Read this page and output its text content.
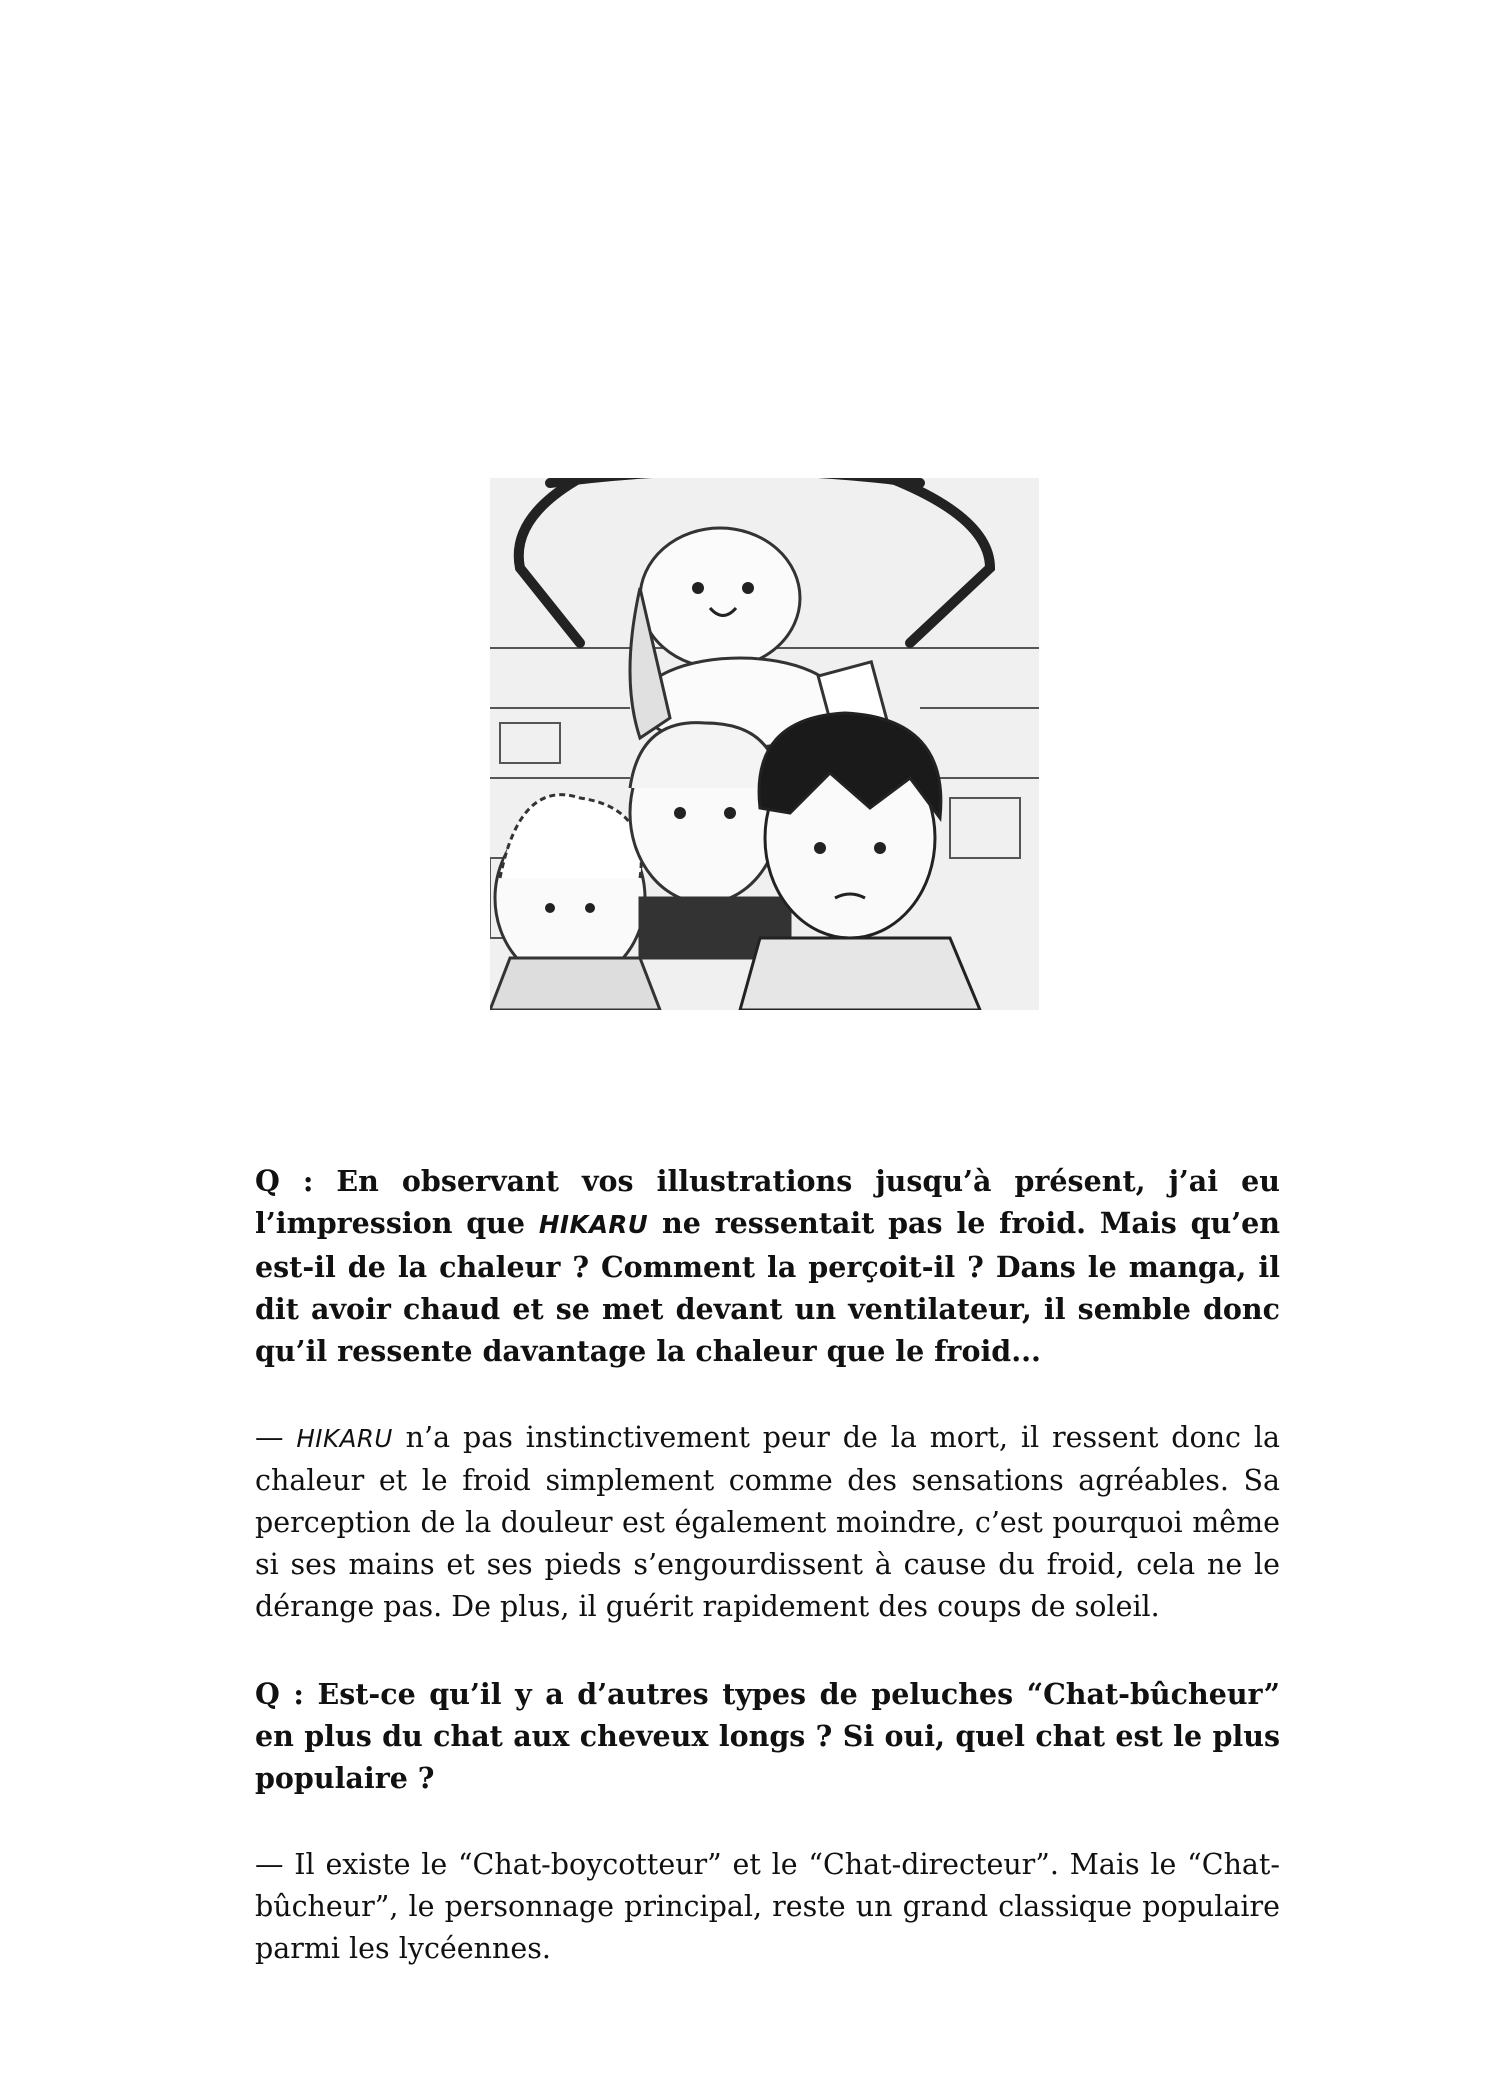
Q : En observant vos illustrations jusqu’à présent, j’ai eu l’impression que HIKARU ne ressentait pas le froid. Mais qu’en est-il de la chaleur ? Comment la perçoit-il ? Dans le manga, il dit avoir chaud et se met devant un ventilateur, il semble donc qu’il ressente davantage la chaleur que le froid...

— HIKARU n’a pas instinctivement peur de la mort, il ressent donc la chaleur et le froid simplement comme des sensations agréables. Sa perception de la douleur est également moindre, c’est pourquoi même si ses mains et ses pieds s’engourdissent à cause du froid, cela ne le dérange pas. De plus, il guérit rapidement des coups de soleil.

Q : Est-ce qu’il y a d’autres types de peluches “Chat-bûcheur” en plus du chat aux cheveux longs ? Si oui, quel chat est le plus populaire ?

— Il existe le “Chat-boycotteur” et le “Chat-directeur”. Mais le “Chat-bûcheur”, le personnage principal, reste un grand classique populaire parmi les lycéennes.
